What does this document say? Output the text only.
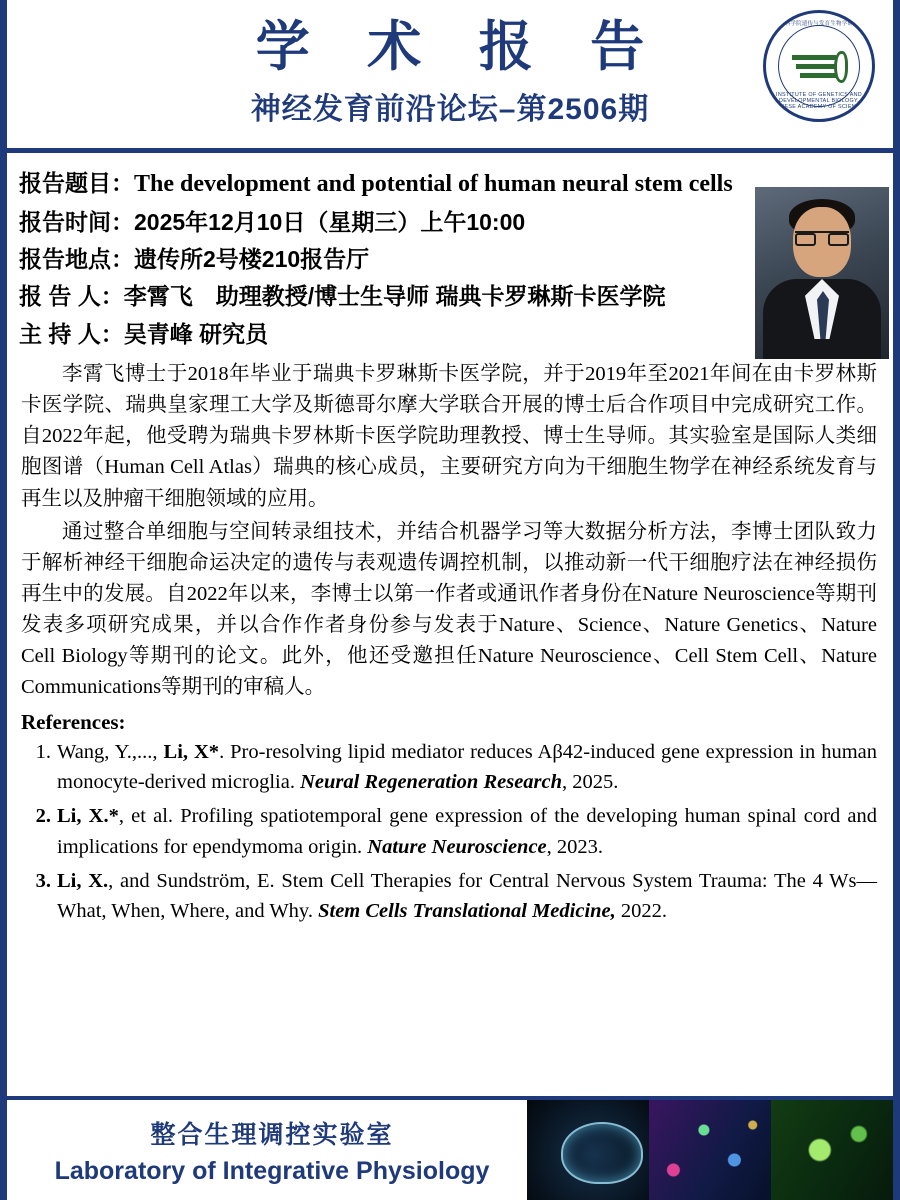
学 术 报 告
神经发育前沿论坛–第2506期
中国科学院遗传与发育生物学研究所
INSTITUTE OF GENETICS AND DEVELOPMENTAL BIOLOGY, CHINESE ACADEMY OF SCIENCES
报告题目：The development and potential of human neural stem cells
报告时间：2025年12月10日（星期三）上午10:00
报告地点：遗传所2号楼210报告厅
报 告 人：李霄飞　助理教授/博士生导师 瑞典卡罗琳斯卡医学院
主 持 人：吴青峰 研究员

李霄飞博士于2018年毕业于瑞典卡罗琳斯卡医学院，并于2019年至2021年间在由卡罗林斯卡医学院、瑞典皇家理工大学及斯德哥尔摩大学联合开展的博士后合作项目中完成研究工作。自2022年起，他受聘为瑞典卡罗林斯卡医学院助理教授、博士生导师。其实验室是国际人类细胞图谱（Human Cell Atlas）瑞典的核心成员，主要研究方向为干细胞生物学在神经系统发育与再生以及肿瘤干细胞领域的应用。

通过整合单细胞与空间转录组技术，并结合机器学习等大数据分析方法，李博士团队致力于解析神经干细胞命运决定的遗传与表观遗传调控机制，以推动新一代干细胞疗法在神经损伤再生中的发展。自2022年以来，李博士以第一作者或通讯作者身份在Nature Neuroscience等期刊发表多项研究成果，并以合作作者身份参与发表于Nature、Science、Nature Genetics、Nature Cell Biology等期刊的论文。此外，他还受邀担任Nature Neuroscience、Cell Stem Cell、Nature Communications等期刊的审稿人。

References:
1. Wang, Y.,..., Li, X*. Pro-resolving lipid mediator reduces Aβ42-induced gene expression in human monocyte-derived microglia. Neural Regeneration Research, 2025.
2. Li, X.*, et al. Profiling spatiotemporal gene expression of the developing human spinal cord and implications for ependymoma origin. Nature Neuroscience, 2023.
3. Li, X., and Sundström, E. Stem Cell Therapies for Central Nervous System Trauma: The 4 Ws—What, When, Where, and Why. Stem Cells Translational Medicine, 2022.
整合生理调控实验室
Laboratory of Integrative Physiology
